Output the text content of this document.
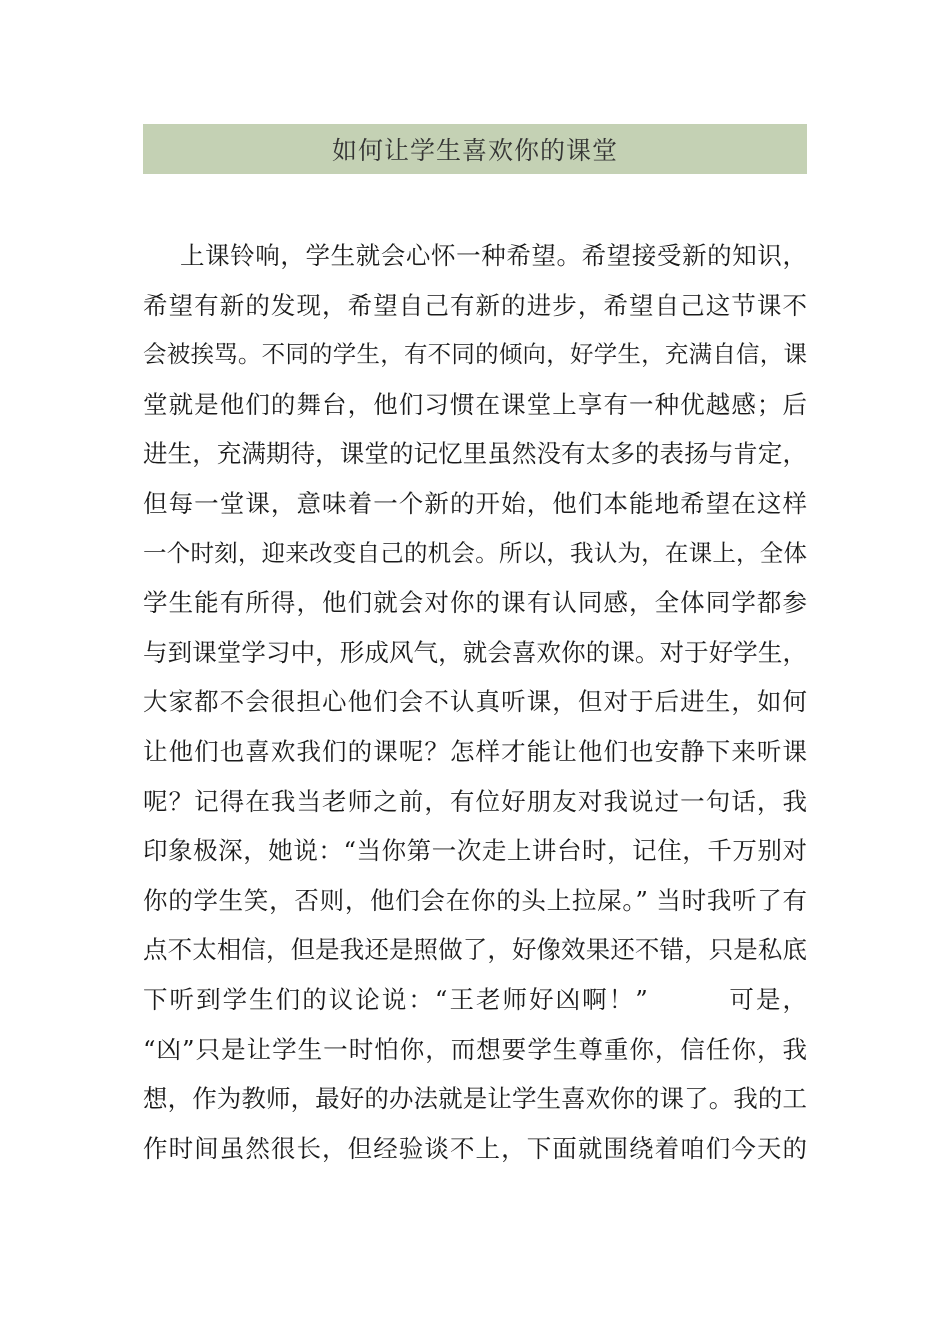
如何让学生喜欢你的课堂
上课铃响，学生就会心怀一种希望。希望接受新的知识，
希望有新的发现，希望自己有新的进步，希望自己这节课不
会被挨骂。不同的学生，有不同的倾向，好学生，充满自信，课
堂就是他们的舞台，他们习惯在课堂上享有一种优越感；后
进生，充满期待，课堂的记忆里虽然没有太多的表扬与肯定，
但每一堂课，意味着一个新的开始，他们本能地希望在这样
一个时刻，迎来改变自己的机会。所以，我认为，在课上，全体
学生能有所得，他们就会对你的课有认同感，全体同学都参
与到课堂学习中，形成风气，就会喜欢你的课。对于好学生，
大家都不会很担心他们会不认真听课，但对于后进生，如何
让他们也喜欢我们的课呢？怎样才能让他们也安静下来听课
呢？记得在我当老师之前，有位好朋友对我说过一句话，我
印象极深，她说：“当你第一次走上讲台时，记住，千万别对
你的学生笑，否则，他们会在你的头上拉屎。” 当时我听了有
点不太相信，但是我还是照做了，好像效果还不错，只是私底
下听到学生们的议论说：“王老师好凶啊！”　　　可是，
“凶”只是让学生一时怕你，而想要学生尊重你，信任你，我
想，作为教师，最好的办法就是让学生喜欢你的课了。我的工
作时间虽然很长，但经验谈不上，下面就围绕着咱们今天的
